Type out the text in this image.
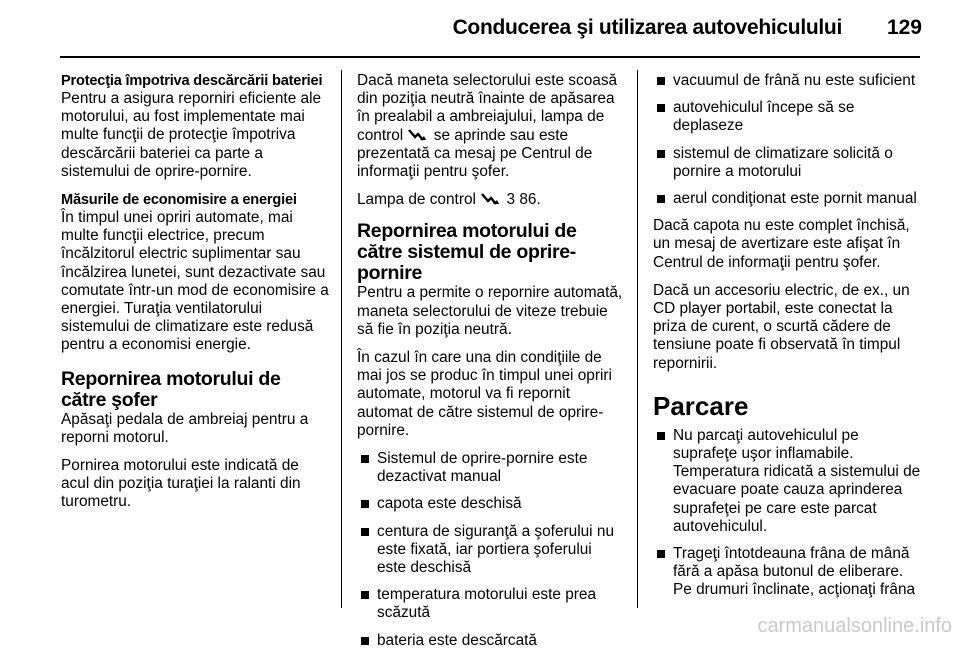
Conducerea şi utilizarea autovehiculului 129
Protecţia împotriva descărcării bateriei

Pentru a asigura reporniri eficiente ale motorului, au fost implementate mai multe funcţii de protecţie împotriva descărcării bateriei ca parte a sistemului de oprire-pornire.

Măsurile de economisire a energiei

În timpul unei opriri automate, mai multe funcţii electrice, precum încălzitorul electric suplimentar sau încălzirea lunetei, sunt dezactivate sau comutate într-un mod de economisire a energiei. Turaţia ventilatorului sistemului de climatizare este redusă pentru a economisi energie.

Repornirea motorului de către şofer

Apăsaţi pedala de ambreiaj pentru a reporni motorul.

Pornirea motorului este indicată de acul din poziţia turaţiei la ralanti din turometru.

Dacă maneta selectorului este scoasă din poziţia neutră înainte de apăsarea în prealabil a ambreiajului, lampa de control  se aprinde sau este prezentată ca mesaj pe Centrul de informaţii pentru şofer.

Lampa de control  3 86.

Repornirea motorului de către sistemul de oprire-pornire

Pentru a permite o repornire automată, maneta selectorului de viteze trebuie să fie în poziţia neutră.

În cazul în care una din condiţiile de mai jos se produc în timpul unei opriri automate, motorul va fi repornit automat de către sistemul de oprire-pornire.

Sistemul de oprire-pornire este dezactivat manual
capota este deschisă
centura de siguranţă a şoferului nu este fixată, iar portiera şoferului este deschisă
temperatura motorului este prea scăzută
bateria este descărcată
vacuumul de frână nu este suficient
autovehiculul începe să se deplaseze
sistemul de climatizare solicită o pornire a motorului
aerul condiţionat este pornit manual

Dacă capota nu este complet închisă, un mesaj de avertizare este afişat în Centrul de informaţii pentru şofer.

Dacă un accesoriu electric, de ex., un CD player portabil, este conectat la priza de curent, o scurtă cădere de tensiune poate fi observată în timpul repornirii.

Parcare
Nu parcaţi autovehiculul pe suprafeţe uşor inflamabile. Temperatura ridicată a sistemului de evacuare poate cauza aprinderea suprafeţei pe care este parcat autovehiculul.
Trageţi întotdeauna frâna de mână fără a apăsa butonul de eliberare. Pe drumuri înclinate, acţionaţi frâna
carmanualsonline.info
